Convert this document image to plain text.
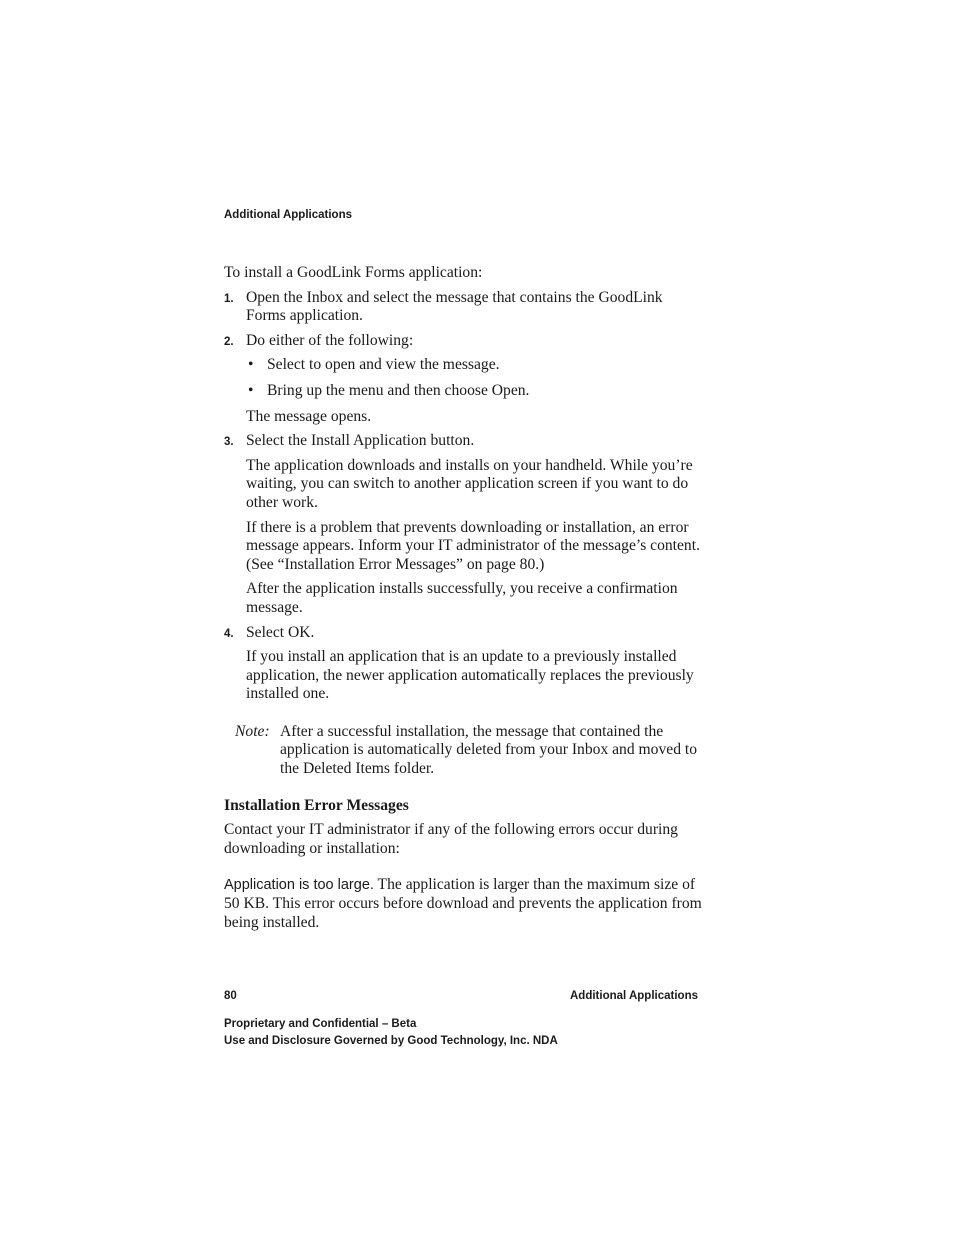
Additional Applications

To install a GoodLink Forms application:

1. Open the Inbox and select the message that contains the GoodLink Forms application.
2. Do either of the following:
• Select to open and view the message.
• Bring up the menu and then choose Open.

The message opens.

3. Select the Install Application button.

The application downloads and installs on your handheld. While you’re waiting, you can switch to another application screen if you want to do other work.

If there is a problem that prevents downloading or installation, an error message appears. Inform your IT administrator of the message’s content. (See “Installation Error Messages” on page 80.)

After the application installs successfully, you receive a confirmation message.

4. Select OK.

If you install an application that is an update to a previously installed application, the newer application automatically replaces the previously installed one.

Note: After a successful installation, the message that contained the application is automatically deleted from your Inbox and moved to the Deleted Items folder.
Installation Error Messages

Contact your IT administrator if any of the following errors occur during downloading or installation:

Application is too large. The application is larger than the maximum size of 50 KB. This error occurs before download and prevents the application from being installed.

80	Additional Applications
Proprietary and Confidential – Beta
Use and Disclosure Governed by Good Technology, Inc. NDA
